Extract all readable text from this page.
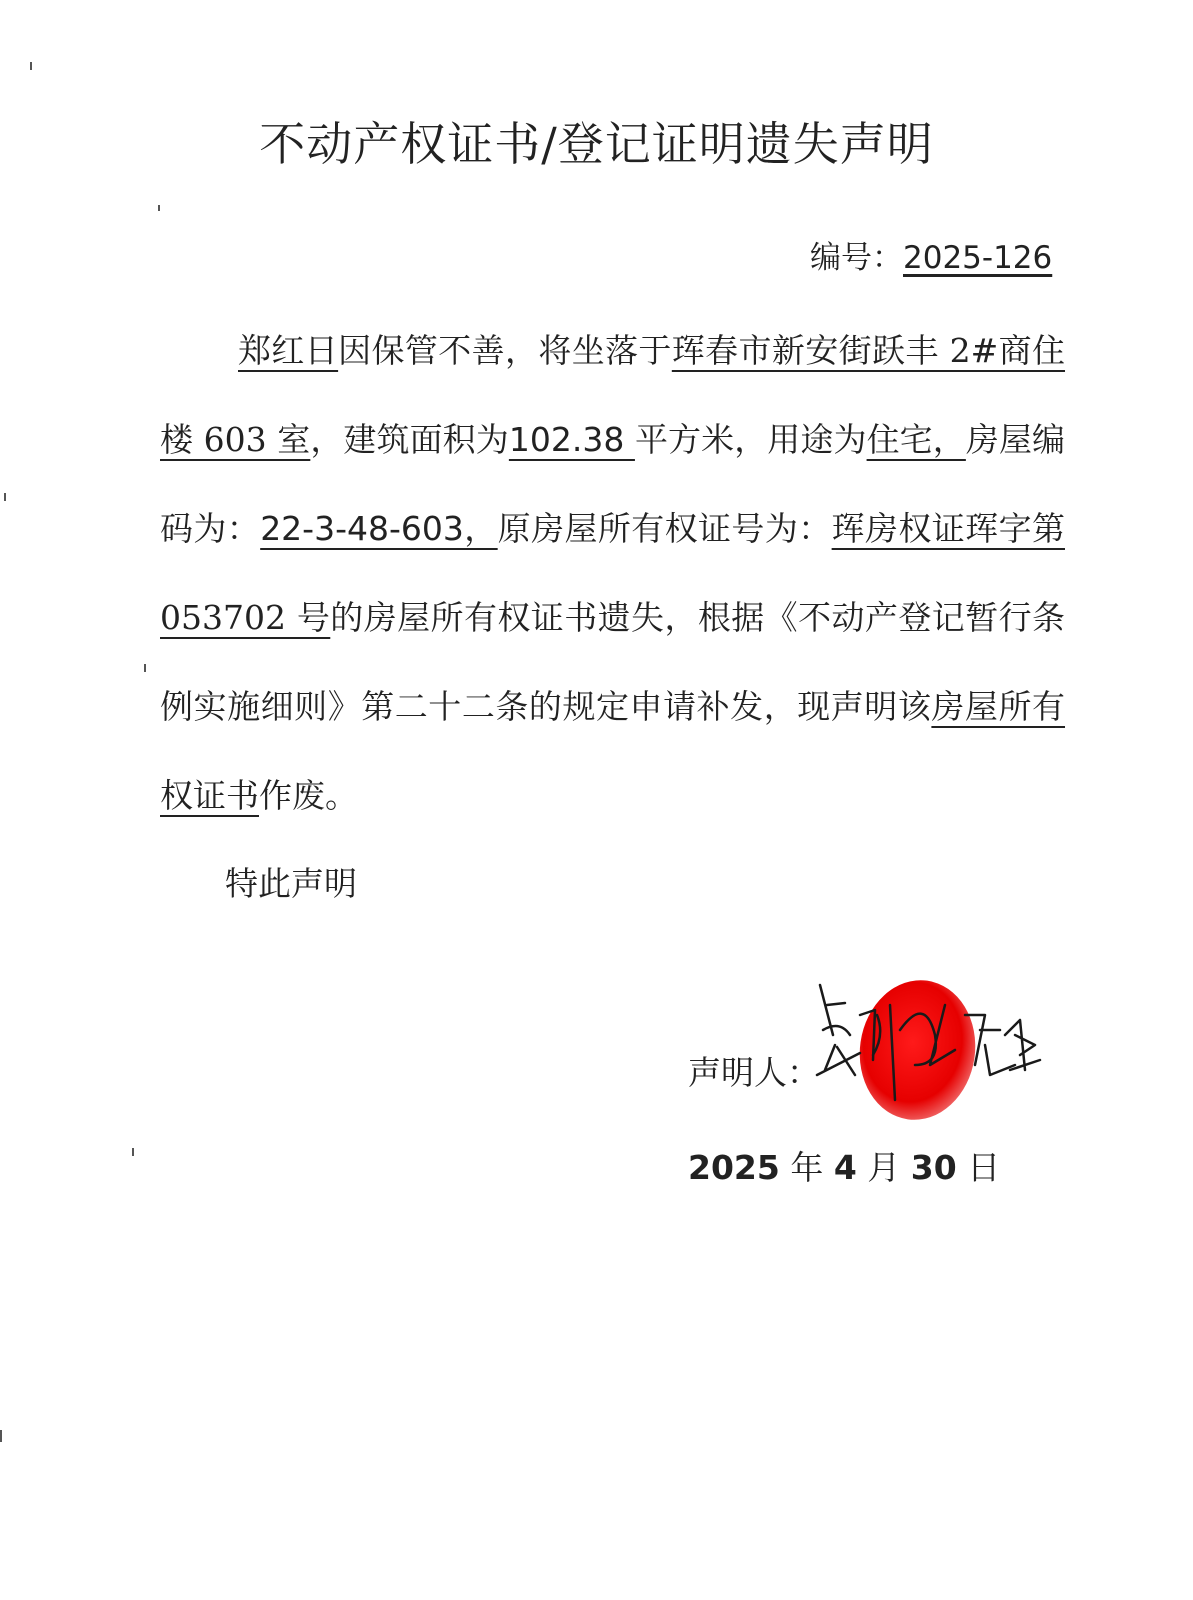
不动产权证书/登记证明遗失声明
编号：2025-126
郑红日因保管不善，将坐落于珲春市新安街跃丰 2#商住楼 603 室，建筑面积为102.38 平方米，用途为住宅，房屋编码为：22-3-48-603，原房屋所有权证号为：珲房权证珲字第 053702 号的房屋所有权证书遗失，根据《不动产登记暂行条例实施细则》第二十二条的规定申请补发，现声明该房屋所有权证书作废。
特此声明
声明人：
2025 年 4 月 30 日
